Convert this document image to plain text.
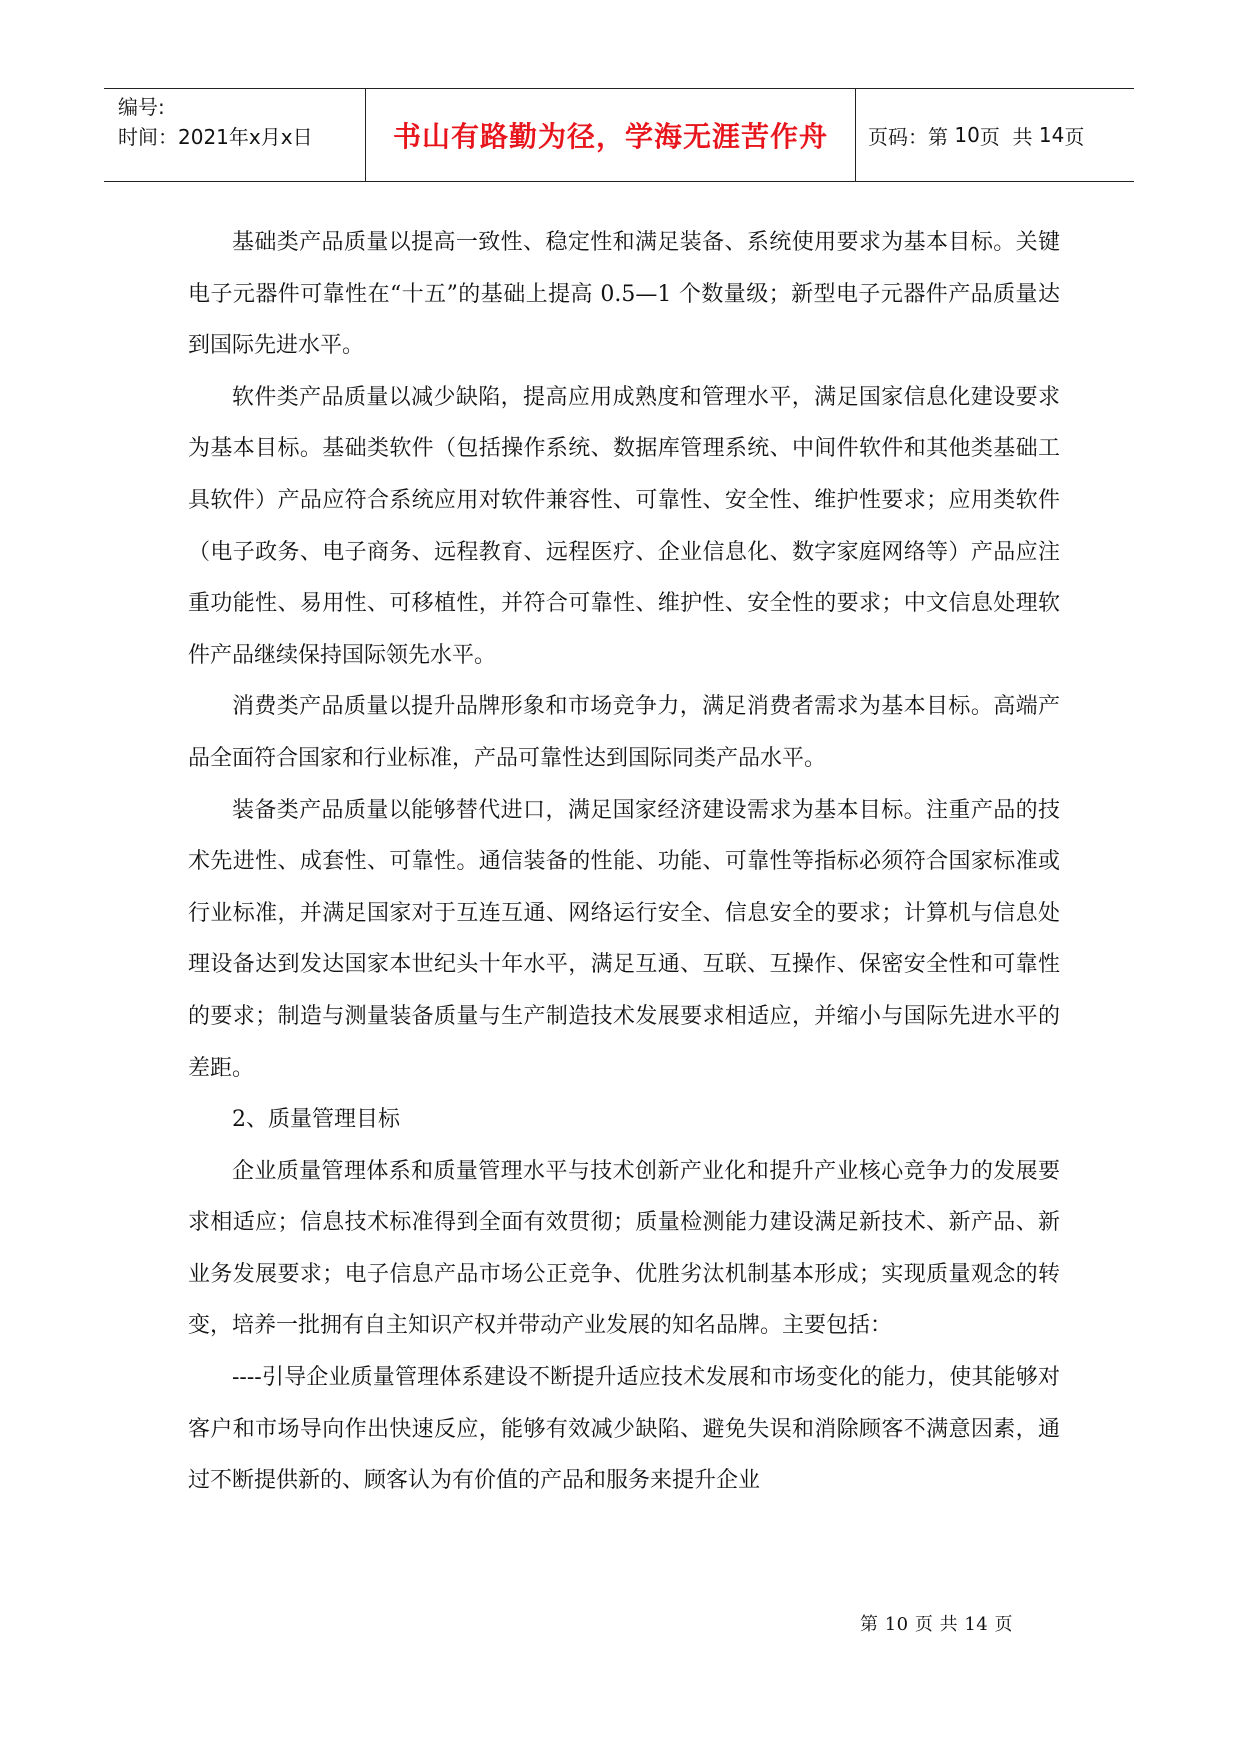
编号:
时间：2021年x月x日	书山有路勤为径，学海无涯苦作舟	页码：第 10 页  共 14 页

基础类产品质量以提高一致性、稳定性和满足装备、系统使用要求为基本目标。关键电子元器件可靠性在“十五”的基础上提高 0.5—1 个数量级；新型电子元器件产品质量达到国际先进水平。

软件类产品质量以减少缺陷，提高应用成熟度和管理水平，满足国家信息化建设要求为基本目标。基础类软件（包括操作系统、数据库管理系统、中间件软件和其他类基础工具软件）产品应符合系统应用对软件兼容性、可靠性、安全性、维护性要求；应用类软件（电子政务、电子商务、远程教育、远程医疗、企业信息化、数字家庭网络等）产品应注重功能性、易用性、可移植性，并符合可靠性、维护性、安全性的要求；中文信息处理软件产品继续保持国际领先水平。

消费类产品质量以提升品牌形象和市场竞争力，满足消费者需求为基本目标。高端产品全面符合国家和行业标准，产品可靠性达到国际同类产品水平。

装备类产品质量以能够替代进口，满足国家经济建设需求为基本目标。注重产品的技术先进性、成套性、可靠性。通信装备的性能、功能、可靠性等指标必须符合国家标准或行业标准，并满足国家对于互连互通、网络运行安全、信息安全的要求；计算机与信息处理设备达到发达国家本世纪头十年水平，满足互通、互联、互操作、保密安全性和可靠性的要求；制造与测量装备质量与生产制造技术发展要求相适应，并缩小与国际先进水平的差距。

2、质量管理目标

企业质量管理体系和质量管理水平与技术创新产业化和提升产业核心竞争力的发展要求相适应；信息技术标准得到全面有效贯彻；质量检测能力建设满足新技术、新产品、新业务发展要求；电子信息产品市场公正竞争、优胜劣汰机制基本形成；实现质量观念的转变，培养一批拥有自主知识产权并带动产业发展的知名品牌。主要包括：

----引导企业质量管理体系建设不断提升适应技术发展和市场变化的能力，使其能够对客户和市场导向作出快速反应，能够有效减少缺陷、避免失误和消除顾客不满意因素，通过不断提供新的、顾客认为有价值的产品和服务来提升企业

第 10 页 共 14 页
